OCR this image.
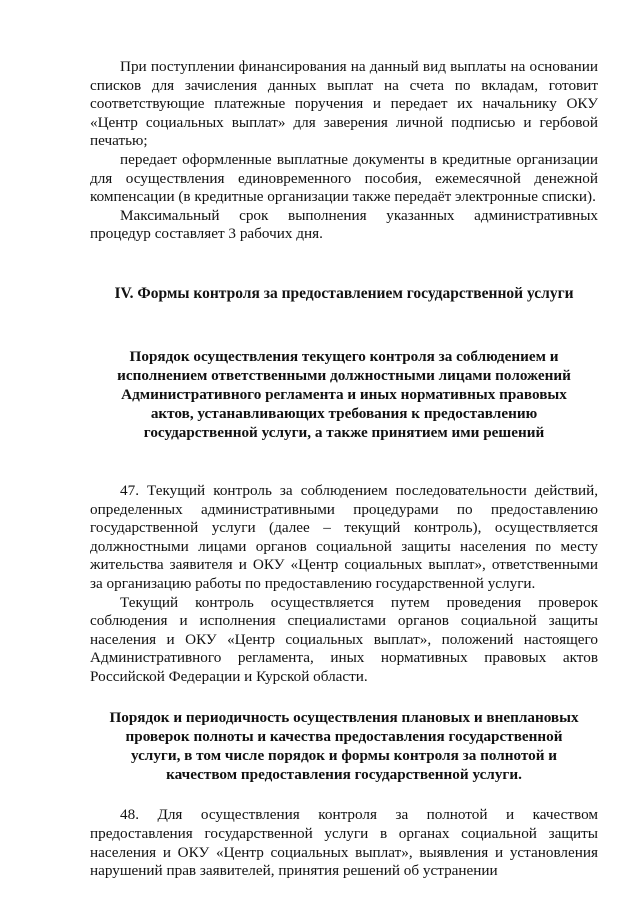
При поступлении финансирования на данный вид выплаты на основании списков для зачисления данных выплат на счета по вкладам, готовит соответствующие платежные поручения и передает их начальнику ОКУ «Центр социальных выплат» для заверения личной подписью и гербовой печатью;

передает оформленные выплатные документы в кредитные организации для осуществления единовременного пособия, ежемесячной денежной компенсации (в кредитные организации также передаёт электронные списки).

Максимальный срок выполнения указанных административных процедур составляет 3 рабочих дня.

IV. Формы контроля за предоставлением государственной услуги
Порядок осуществления текущего контроля за соблюдением и исполнением ответственными должностными лицами положений Административного регламента и иных нормативных правовых актов, устанавливающих требования к предоставлению государственной услуги, а также принятием ими решений

47. Текущий контроль за соблюдением последовательности действий, определенных административными процедурами по предоставлению государственной услуги (далее – текущий контроль), осуществляется должностными лицами органов социальной защиты населения по месту жительства заявителя и ОКУ «Центр социальных выплат», ответственными за организацию работы по предоставлению государственной услуги.

Текущий контроль осуществляется путем проведения проверок соблюдения и исполнения специалистами органов социальной защиты населения и ОКУ «Центр социальных выплат», положений настоящего Административного регламента, иных нормативных правовых актов Российской Федерации и Курской области.

Порядок и периодичность осуществления плановых и внеплановых проверок полноты и качества предоставления государственной услуги, в том числе порядок и формы контроля за полнотой и качеством предоставления государственной услуги.

48. Для осуществления контроля за полнотой и качеством предоставления государственной услуги в органах социальной защиты населения и ОКУ «Центр социальных выплат», выявления и установления нарушений прав заявителей, принятия решений об устранении
